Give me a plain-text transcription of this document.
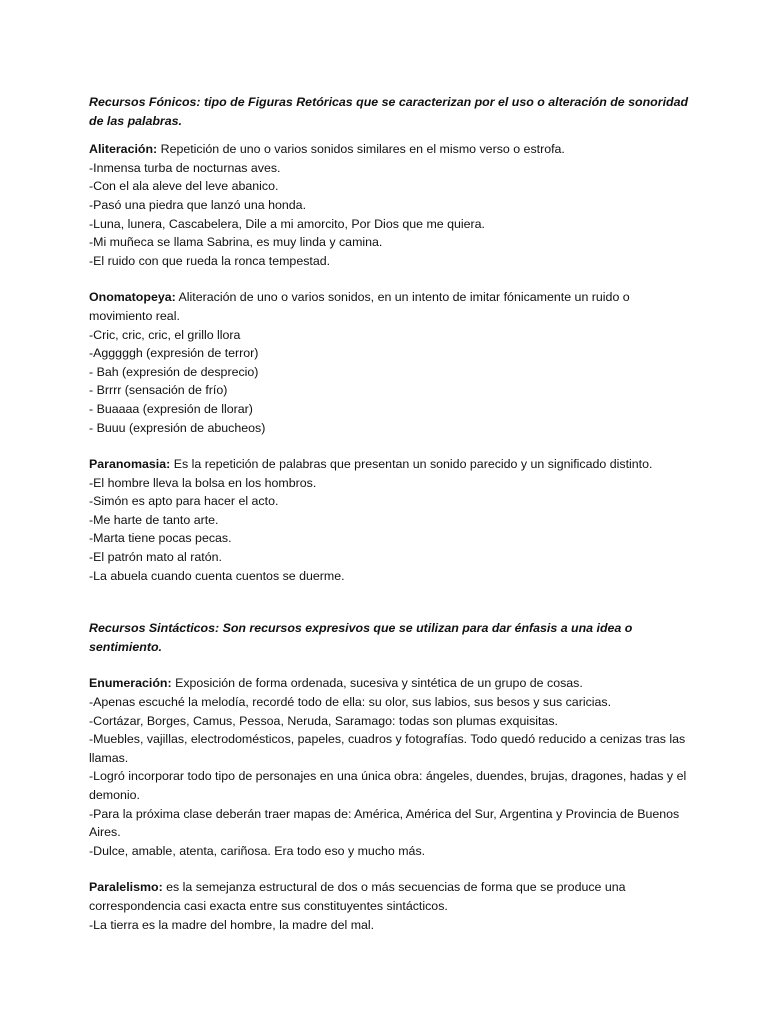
Recursos Fónicos: tipo de Figuras Retóricas que se caracterizan por el uso o alteración de sonoridad de las palabras.

Aliteración: Repetición de uno o varios sonidos similares en el mismo verso o estrofa.

-Inmensa turba de nocturnas aves.

-Con el ala aleve del leve abanico.

-Pasó una piedra que lanzó una honda.

-Luna, lunera, Cascabelera, Dile a mi amorcito, Por Dios que me quiera.

-Mi muñeca se llama Sabrina, es muy linda y camina.

-El ruido con que rueda la ronca tempestad.

Onomatopeya: Aliteración de uno o varios sonidos, en un intento de imitar fónicamente un ruido o movimiento real.

-Cric, cric, cric, el grillo llora

-Agggggh (expresión de terror)

- Bah (expresión de desprecio)

- Brrrr (sensación de frío)

- Buaaaa (expresión de llorar)

- Buuu (expresión de abucheos)

Paranomasia: Es la repetición de palabras que presentan un sonido parecido y un significado distinto.

-El hombre lleva la bolsa en los hombros.

-Simón es apto para hacer el acto.

-Me harte de tanto arte.

-Marta tiene pocas pecas.

-El patrón mato al ratón.

-La abuela cuando cuenta cuentos se duerme.

Recursos Sintácticos: Son recursos expresivos que se utilizan para dar énfasis a una idea o sentimiento.

Enumeración: Exposición de forma ordenada, sucesiva y sintética de un grupo de cosas.

-Apenas escuché la melodía, recordé todo de ella: su olor, sus labios, sus besos y sus caricias.

-Cortázar, Borges, Camus, Pessoa, Neruda, Saramago: todas son plumas exquisitas.

-Muebles, vajillas, electrodomésticos, papeles, cuadros y fotografías. Todo quedó reducido a cenizas tras las llamas.

-Logró incorporar todo tipo de personajes en una única obra: ángeles, duendes, brujas, dragones, hadas y el demonio.

-Para la próxima clase deberán traer mapas de: América, América del Sur, Argentina y Provincia de Buenos Aires.

-Dulce, amable, atenta, cariñosa. Era todo eso y mucho más.

Paralelismo: es la semejanza estructural de dos o más secuencias de forma que se produce una correspondencia casi exacta entre sus constituyentes sintácticos.

-La tierra es la madre del hombre, la madre del mal.
